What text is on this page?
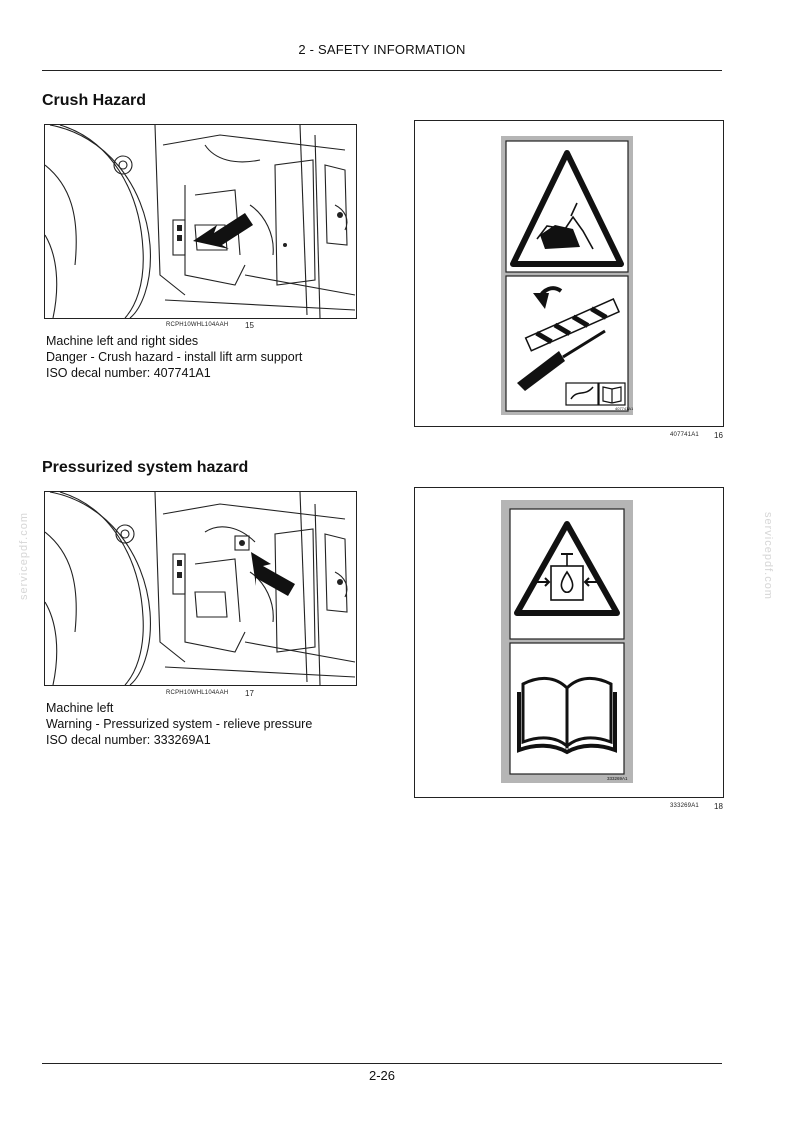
2 - SAFETY INFORMATION
servicepdf.com	servicepdf.com
Crush Hazard
RCPH10WHL104AAH 15
Machine left and right sides
Danger - Crush hazard - install lift arm support
ISO decal number: 407741A1
407741A1
407741A1 16
Pressurized system hazard
RCPH10WHL104AAH 17
Machine left
Warning - Pressurized system - relieve pressure
ISO decal number: 333269A1
333269A1
333269A1 18
2-26
